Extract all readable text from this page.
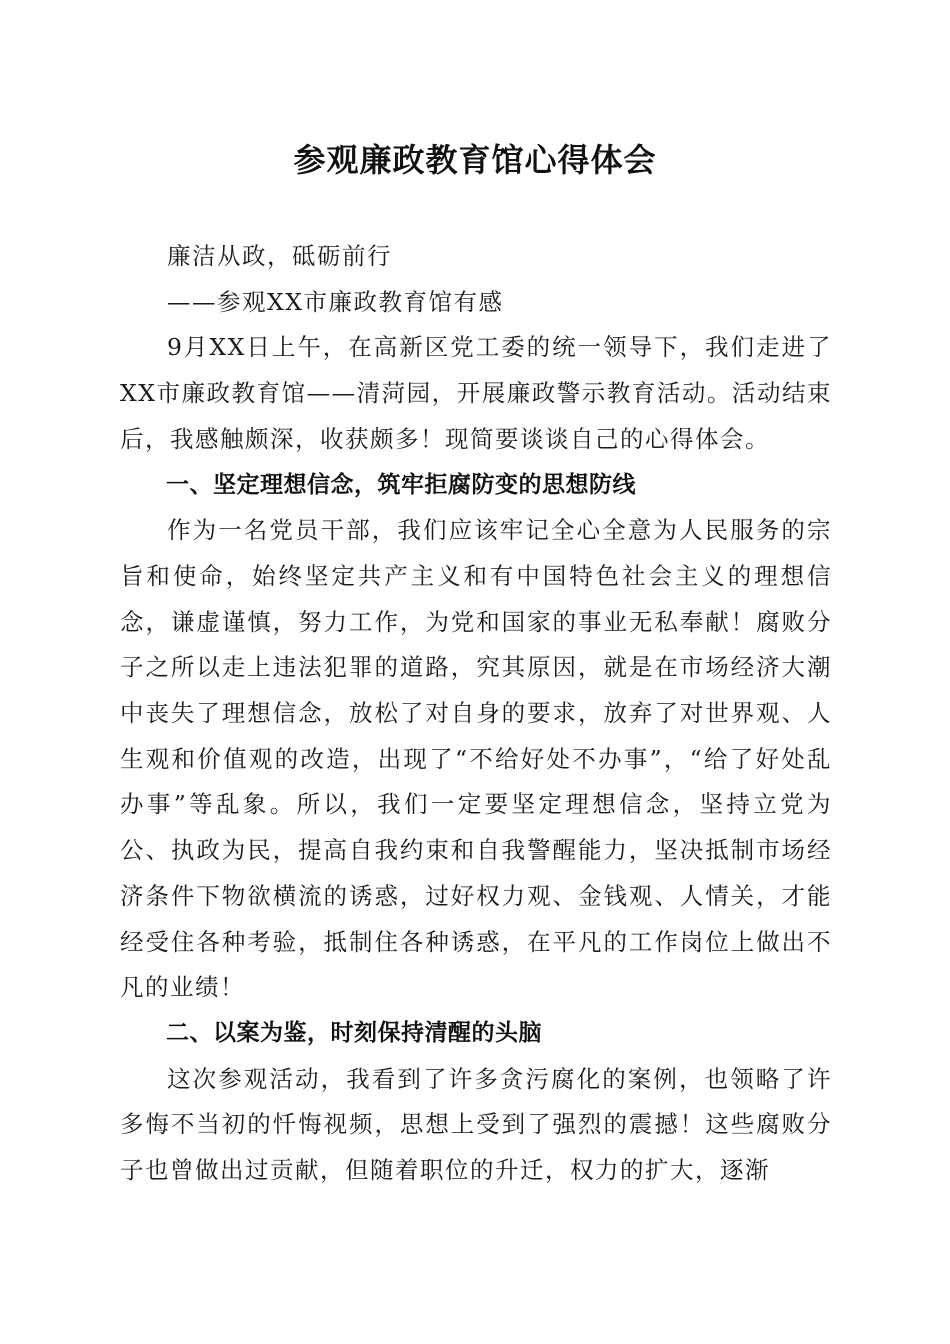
参观廉政教育馆心得体会

廉洁从政，砥砺前行

——参观XX市廉政教育馆有感

9月XX日上午，在高新区党工委的统一领导下，我们走进了XX市廉政教育馆——清菏园，开展廉政警示教育活动。活动结束后，我感触颇深，收获颇多！现简要谈谈自己的心得体会。

一、坚定理想信念，筑牢拒腐防变的思想防线

作为一名党员干部，我们应该牢记全心全意为人民服务的宗旨和使命，始终坚定共产主义和有中国特色社会主义的理想信念，谦虚谨慎，努力工作，为党和国家的事业无私奉献！腐败分子之所以走上违法犯罪的道路，究其原因，就是在市场经济大潮中丧失了理想信念，放松了对自身的要求，放弃了对世界观、人生观和价值观的改造，出现了“不给好处不办事”，“给了好处乱办事”等乱象。所以，我们一定要坚定理想信念，坚持立党为公、执政为民，提高自我约束和自我警醒能力，坚决抵制市场经济条件下物欲横流的诱惑，过好权力观、金钱观、人情关，才能经受住各种考验，抵制住各种诱惑，在平凡的工作岗位上做出不凡的业绩！

二、以案为鉴，时刻保持清醒的头脑

这次参观活动，我看到了许多贪污腐化的案例，也领略了许多悔不当初的忏悔视频，思想上受到了强烈的震撼！这些腐败分子也曾做出过贡献，但随着职位的升迁，权力的扩大，逐渐
